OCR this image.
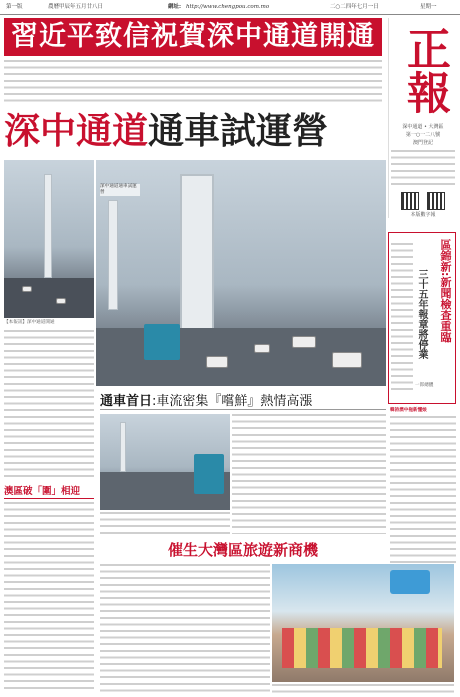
第一版	農曆甲辰年五月廿八日	網址: http://www.chengpou.com.mo	二○二四年七月一日	星期一
習近平致信祝賀深中通道開通 正報
深中通道 • 大灣區
第一○一二八號
澳門登記
本版數字報
深中通道通車試運營
深中通道通車試運營
【本報訊】深中通道開通
通車首日:車流密集『嚐鮮』熱情高漲
澳區破「圍」相迎
催生大灣區旅遊新商機
區錦新:新聞檢查重臨
三十五年報章將停業
一郎總體
韓詩澳中拖新懂娘
